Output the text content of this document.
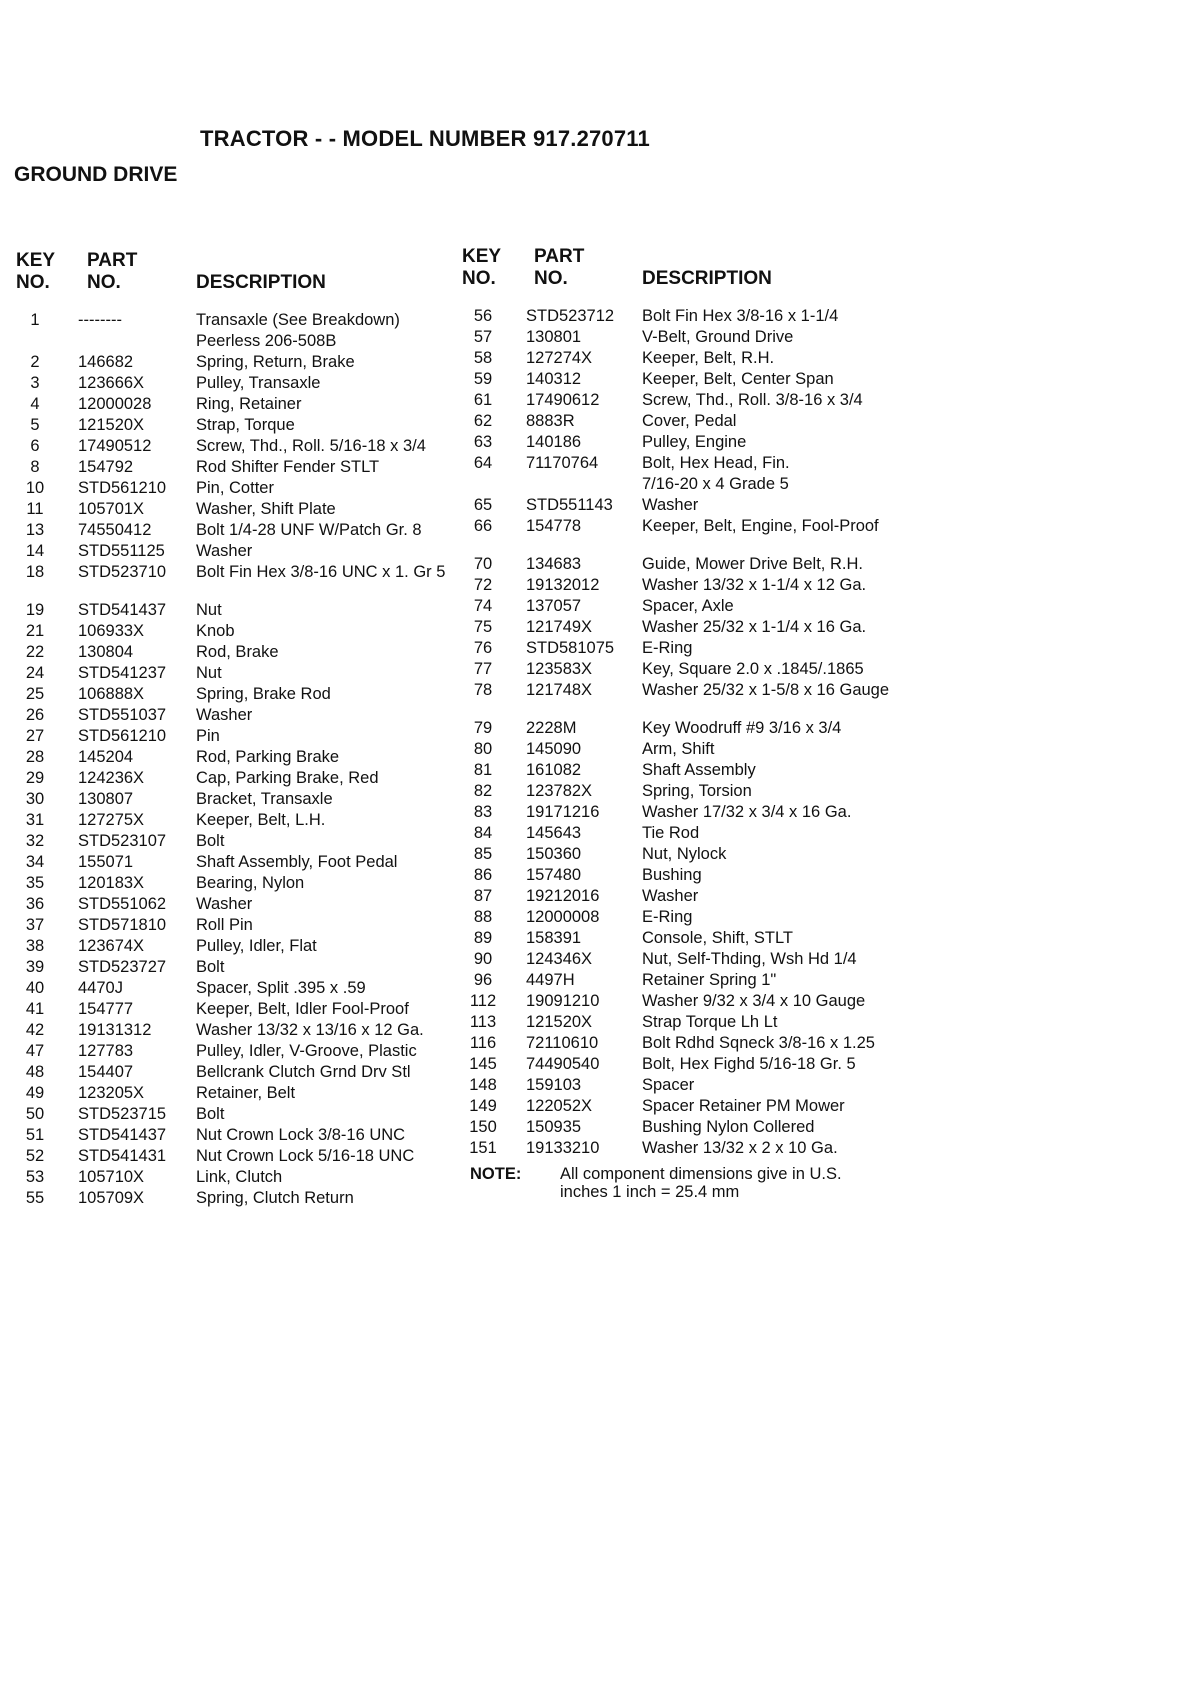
TRACTOR - - MODEL NUMBER 917.270711
GROUND DRIVE
KEY
NO.
PART
NO.	DESCRIPTION
1	--------	Transaxle (See Breakdown)
Peerless 206-508B
2	146682	Spring, Return, Brake
3	123666X	Pulley, Transaxle
4	12000028	Ring, Retainer
5	121520X	Strap, Torque
6	17490512	Screw, Thd., Roll. 5/16-18 x 3/4
8	154792	Rod Shifter Fender STLT
10	STD561210 Pin, Cotter
11	105701X	Washer, Shift Plate
13	74550412	Bolt 1/4-28 UNF W/Patch Gr. 8
14	STD551125 Washer
18	STD523710 Bolt Fin Hex 3/8-16 UNC x 1. Gr 5
19	STD541437 Nut
21	106933X	Knob
22	130804	Rod, Brake
24	STD541237 Nut
25	106888X	Spring, Brake Rod
26	STD551037 Washer
27	STD561210 Pin
28	145204	Rod, Parking Brake
29	124236X	Cap, Parking Brake, Red
30	130807	Bracket, Transaxle
31	127275X	Keeper, Belt, L.H.
32	STD523107 Bolt
34	155071	Shaft Assembly, Foot Pedal
35	120183X	Bearing, Nylon
36	STD551062 Washer
37	STD571810 Roll Pin
38	123674X	Pulley, Idler, Flat
39	STD523727 Bolt
40	4470J	Spacer, Split .395 x .59
41	154777	Keeper, Belt, Idler Fool-Proof
42	19131312	Washer 13/32 x 13/16 x 12 Ga.
47	127783	Pulley, Idler, V-Groove, Plastic
48	154407	Bellcrank Clutch Grnd Drv Stl
49	123205X	Retainer, Belt
50	STD523715 Bolt
51	STD541437 Nut Crown Lock 3/8-16 UNC
52	STD541431 Nut Crown Lock 5/16-18 UNC
53	105710X	Link, Clutch
55	105709X	Spring, Clutch Return
KEY
NO.
PART
NO.	DESCRIPTION
56	STD523712 Bolt Fin Hex 3/8-16 x 1-1/4
57	130801	V-Belt, Ground Drive
58	127274X	Keeper, Belt, R.H.
59	140312	Keeper, Belt, Center Span
61	17490612	Screw, Thd., Roll. 3/8-16 x 3/4
62	8883R	Cover, Pedal
63	140186	Pulley, Engine
64	71170764	Bolt, Hex Head, Fin.
7/16-20 x 4 Grade 5
65	STD551143 Washer
66	154778	Keeper, Belt, Engine, Fool-Proof
70	134683	Guide, Mower Drive Belt, R.H.
72	19132012	Washer 13/32 x 1-1/4 x 12 Ga.
74	137057	Spacer, Axle
75	121749X	Washer 25/32 x 1-1/4 x 16 Ga.
76	STD581075 E-Ring
77	123583X	Key, Square 2.0 x .1845/.1865
78	121748X	Washer 25/32 x 1-5/8 x 16 Gauge
79	2228M	Key Woodruff #9 3/16 x 3/4
80	145090	Arm, Shift
81	161082	Shaft Assembly
82	123782X	Spring, Torsion
83	19171216	Washer 17/32 x 3/4 x 16 Ga.
84	145643	Tie Rod
85	150360	Nut, Nylock
86	157480	Bushing
87	19212016	Washer
88	12000008	E-Ring
89	158391	Console, Shift, STLT
90	124346X	Nut, Self-Thding, Wsh Hd 1/4
96	4497H	Retainer Spring 1"
112	19091210	Washer 9/32 x 3/4 x 10 Gauge
113	121520X	Strap Torque Lh Lt
116	72110610	Bolt Rdhd Sqneck 3/8-16 x 1.25
145	74490540	Bolt, Hex Fighd 5/16-18 Gr. 5
148	159103	Spacer
149	122052X	Spacer Retainer PM Mower
150	150935	Bushing Nylon Collered
151	19133210	Washer 13/32 x 2 x 10 Ga.
NOTE: All component dimensions give in U.S. inches 1 inch = 25.4 mm
